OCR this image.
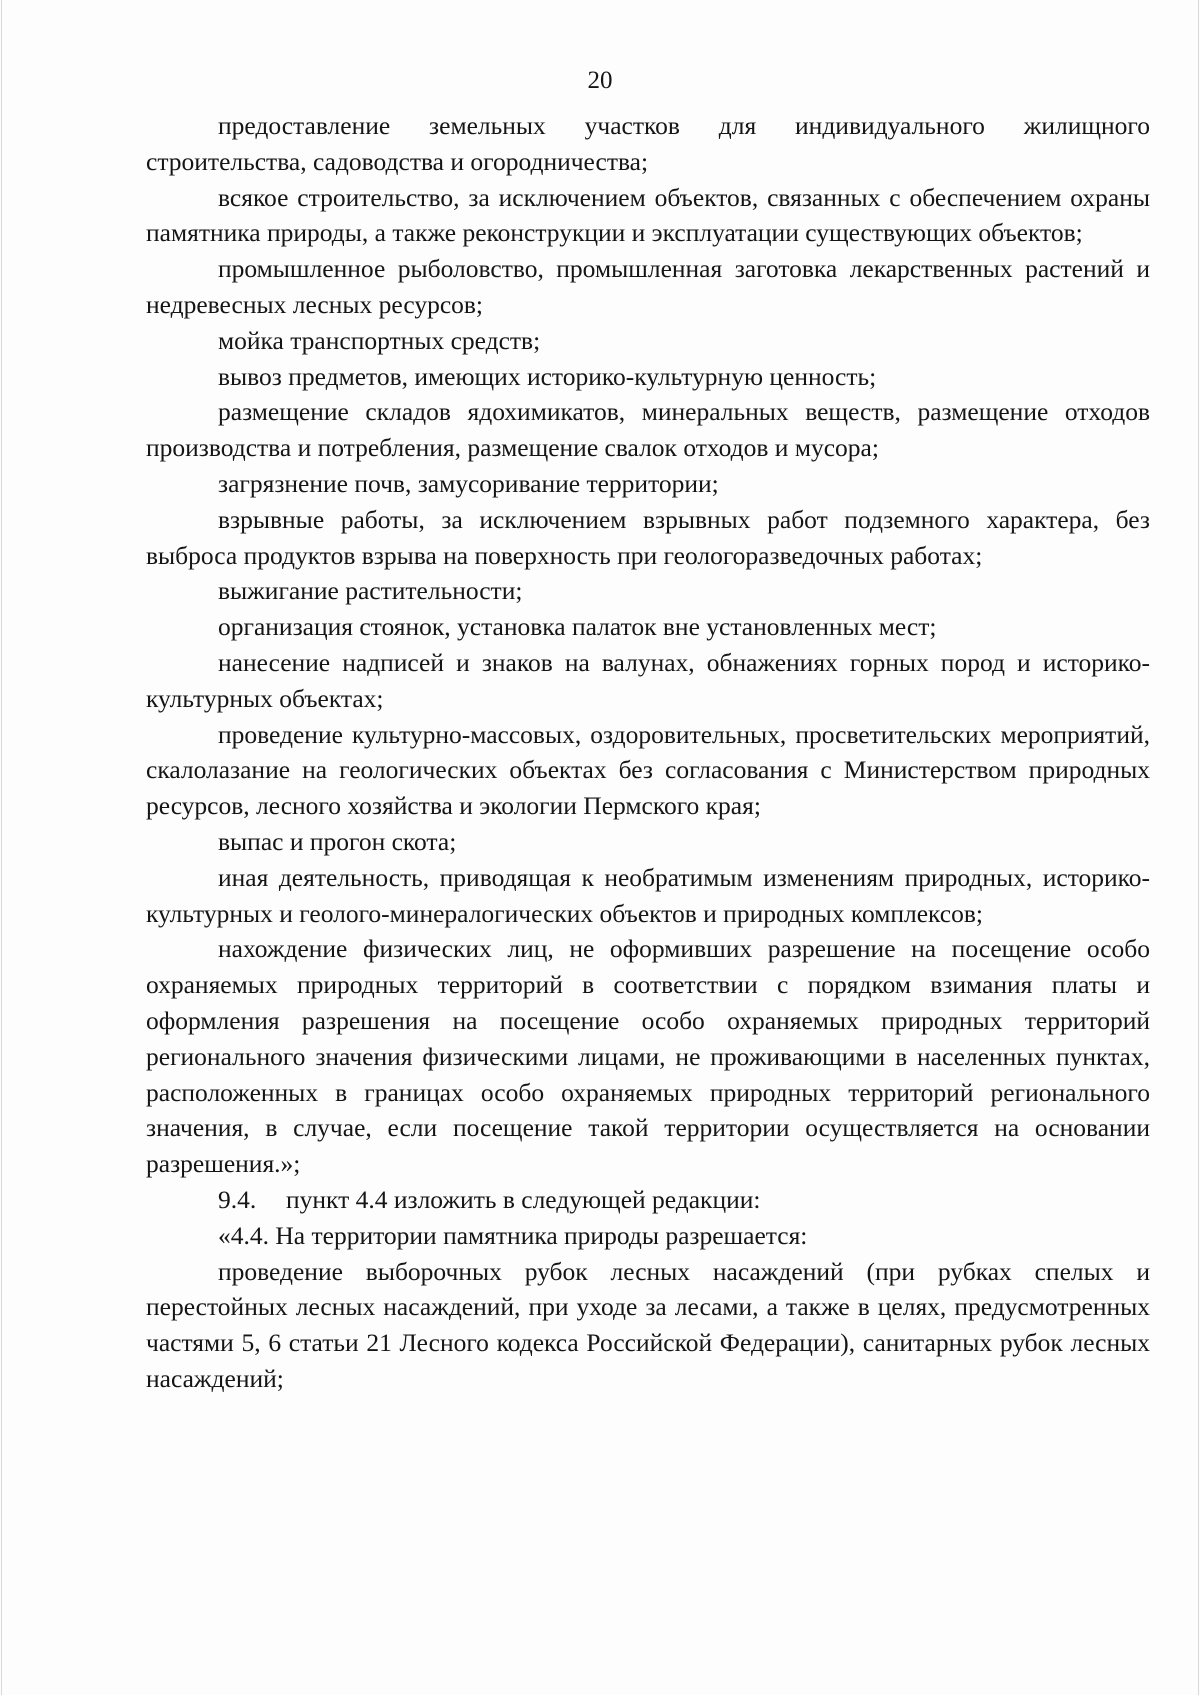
20

предоставление земельных участков для индивидуального жилищного строительства, садоводства и огородничества;

всякое строительство, за исключением объектов, связанных с обеспечением охраны памятника природы, а также реконструкции и эксплуатации существующих объектов;

промышленное рыболовство, промышленная заготовка лекарственных растений и недревесных лесных ресурсов;

мойка транспортных средств;

вывоз предметов, имеющих историко-культурную ценность;

размещение складов ядохимикатов, минеральных веществ, размещение отходов производства и потребления, размещение свалок отходов и мусора;

загрязнение почв, замусоривание территории;

взрывные работы, за исключением взрывных работ подземного характера, без выброса продуктов взрыва на поверхность при геологоразведочных работах;

выжигание растительности;

организация стоянок, установка палаток вне установленных мест;

нанесение надписей и знаков на валунах, обнажениях горных пород и историко-культурных объектах;

проведение культурно-массовых, оздоровительных, просветительских мероприятий, скалолазание на геологических объектах без согласования с Министерством природных ресурсов, лесного хозяйства и экологии Пермского края;

выпас и прогон скота;

иная деятельность, приводящая к необратимым изменениям природных, историко-культурных и геолого-минералогических объектов и природных комплексов;

нахождение физических лиц, не оформивших разрешение на посещение особо охраняемых природных территорий в соответствии с порядком взимания платы и оформления разрешения на посещение особо охраняемых природных территорий регионального значения физическими лицами, не проживающими в населенных пунктах, расположенных в границах особо охраняемых природных территорий регионального значения, в случае, если посещение такой территории осуществляется на основании разрешения.»;

9.4. пункт 4.4 изложить в следующей редакции:

«4.4. На территории памятника природы разрешается:

проведение выборочных рубок лесных насаждений (при рубках спелых и перестойных лесных насаждений, при уходе за лесами, а также в целях, предусмотренных частями 5, 6 статьи 21 Лесного кодекса Российской Федерации), санитарных рубок лесных насаждений;
